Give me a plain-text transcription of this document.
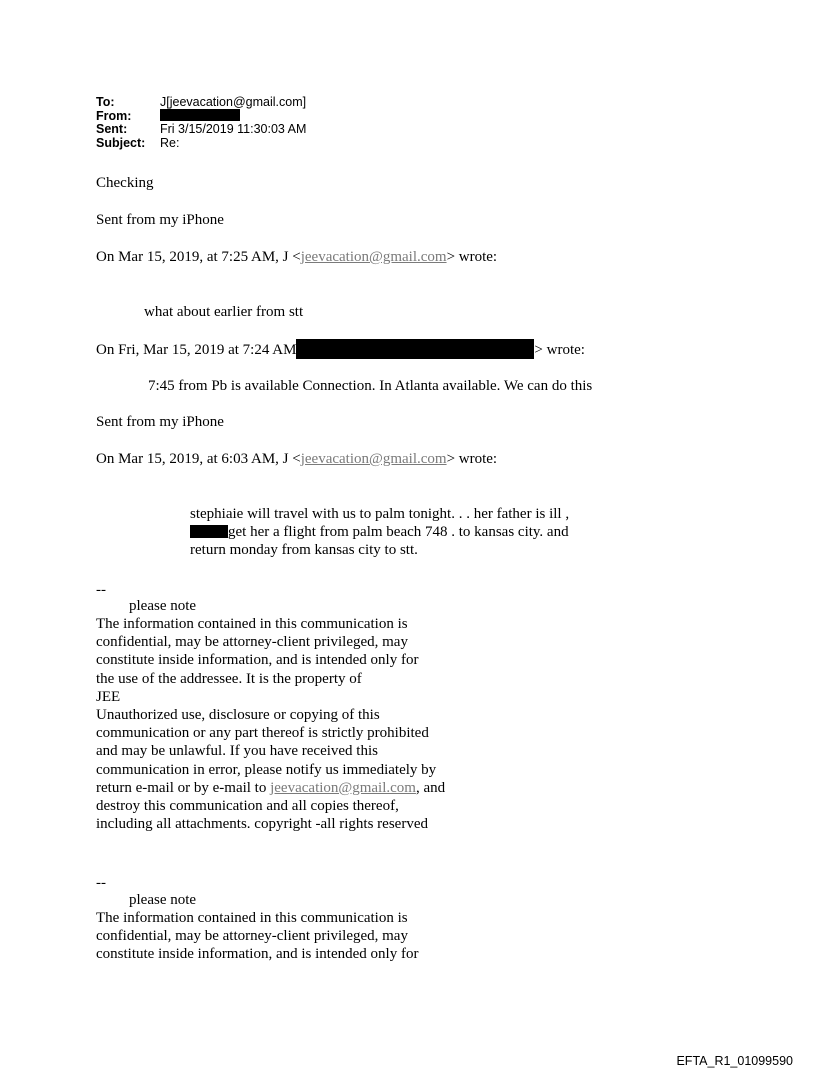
To:	J[jeevacation@gmail.com]
From:
Sent:	Fri 3/15/2019 11:30:03 AM
Subject: Re:
Checking
Sent from my iPhone
On Mar 15, 2019, at 7:25 AM, J <jeevacation@gmail.com> wrote:
what about earlier from stt
On Fri, Mar 15, 2019 at 7:24 AM	> wrote:
7:45 from Pb is available Connection. In Atlanta available. We can do this
Sent from my iPhone
On Mar 15, 2019, at 6:03 AM, J <jeevacation@gmail.com> wrote:
stephiaie will travel with us to palm tonight. . . her father is ill ,
get her a flight from palm beach 748 . to kansas city. and
return monday from kansas city to stt.
--
please note
The information contained in this communication is
confidential, may be attorney-client privileged, may
constitute inside information, and is intended only for
the use of the addressee. It is the property of
JEE
Unauthorized use, disclosure or copying of this
communication or any part thereof is strictly prohibited
and may be unlawful. If you have received this
communication in error, please notify us immediately by
return e-mail or by e-mail to jeevacation@gmail.com, and
destroy this communication and all copies thereof,
including all attachments. copyright -all rights reserved
--
please note
The information contained in this communication is
confidential, may be attorney-client privileged, may
constitute inside information, and is intended only for
EFTA_R1_01099590
